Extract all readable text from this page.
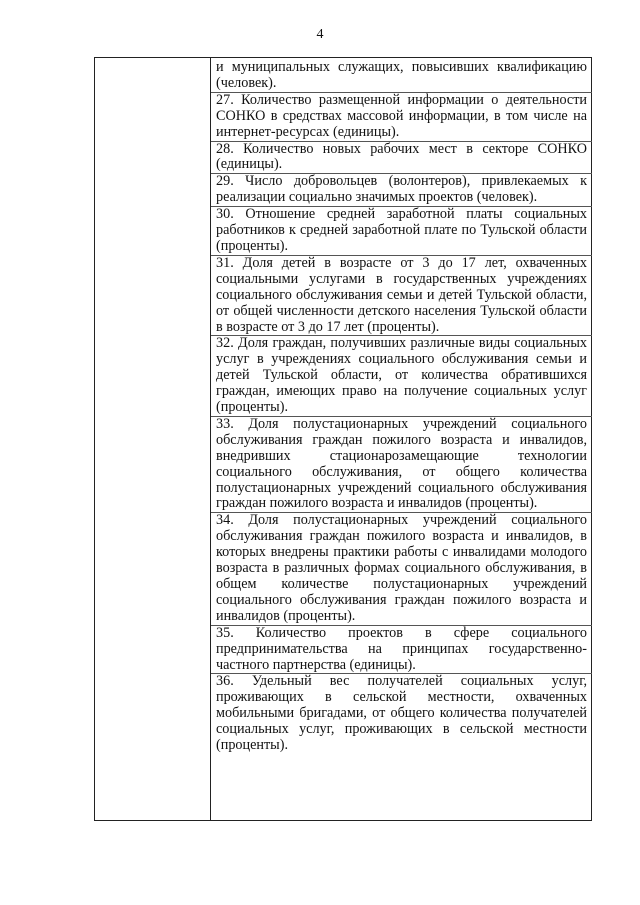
4

и муниципальных служащих, повысивших квалификацию (человек).

27. Количество размещенной информации о деятельности СОНКО в средствах массовой информации, в том числе на интернет-ресурсах (единицы).

28. Количество новых рабочих мест в секторе СОНКО (единицы).

29. Число добровольцев (волонтеров), привлекаемых к реализации социально значимых проектов (человек).

30. Отношение средней заработной платы социальных работников к средней заработной плате по Тульской области (проценты).

31. Доля детей в возрасте от 3 до 17 лет, охваченных социальными услугами в государственных учреждениях социального обслуживания семьи и детей Тульской области, от общей численности детского населения Тульской области в возрасте от 3 до 17 лет (проценты).

32. Доля граждан, получивших различные виды социальных услуг в учреждениях социального обслуживания семьи и детей Тульской области, от количества обратившихся граждан, имеющих право на получение социальных услуг (проценты).

33. Доля полустационарных учреждений социального обслуживания граждан пожилого возраста и инвалидов, внедривших стационарозамещающие технологии социального обслуживания, от общего количества полустационарных учреждений социального обслуживания граждан пожилого возраста и инвалидов (проценты).

34. Доля полустационарных учреждений социального обслуживания граждан пожилого возраста и инвалидов, в которых внедрены практики работы с инвалидами молодого возраста в различных формах социального обслуживания, в общем количестве полустационарных учреждений социального обслуживания граждан пожилого возраста и инвалидов (проценты).

35. Количество проектов в сфере социального предпринимательства на принципах государственно-частного партнерства (единицы).

36. Удельный вес получателей социальных услуг, проживающих в сельской местности, охваченных мобильными бригадами, от общего количества получателей социальных услуг, проживающих в сельской местности (проценты).
